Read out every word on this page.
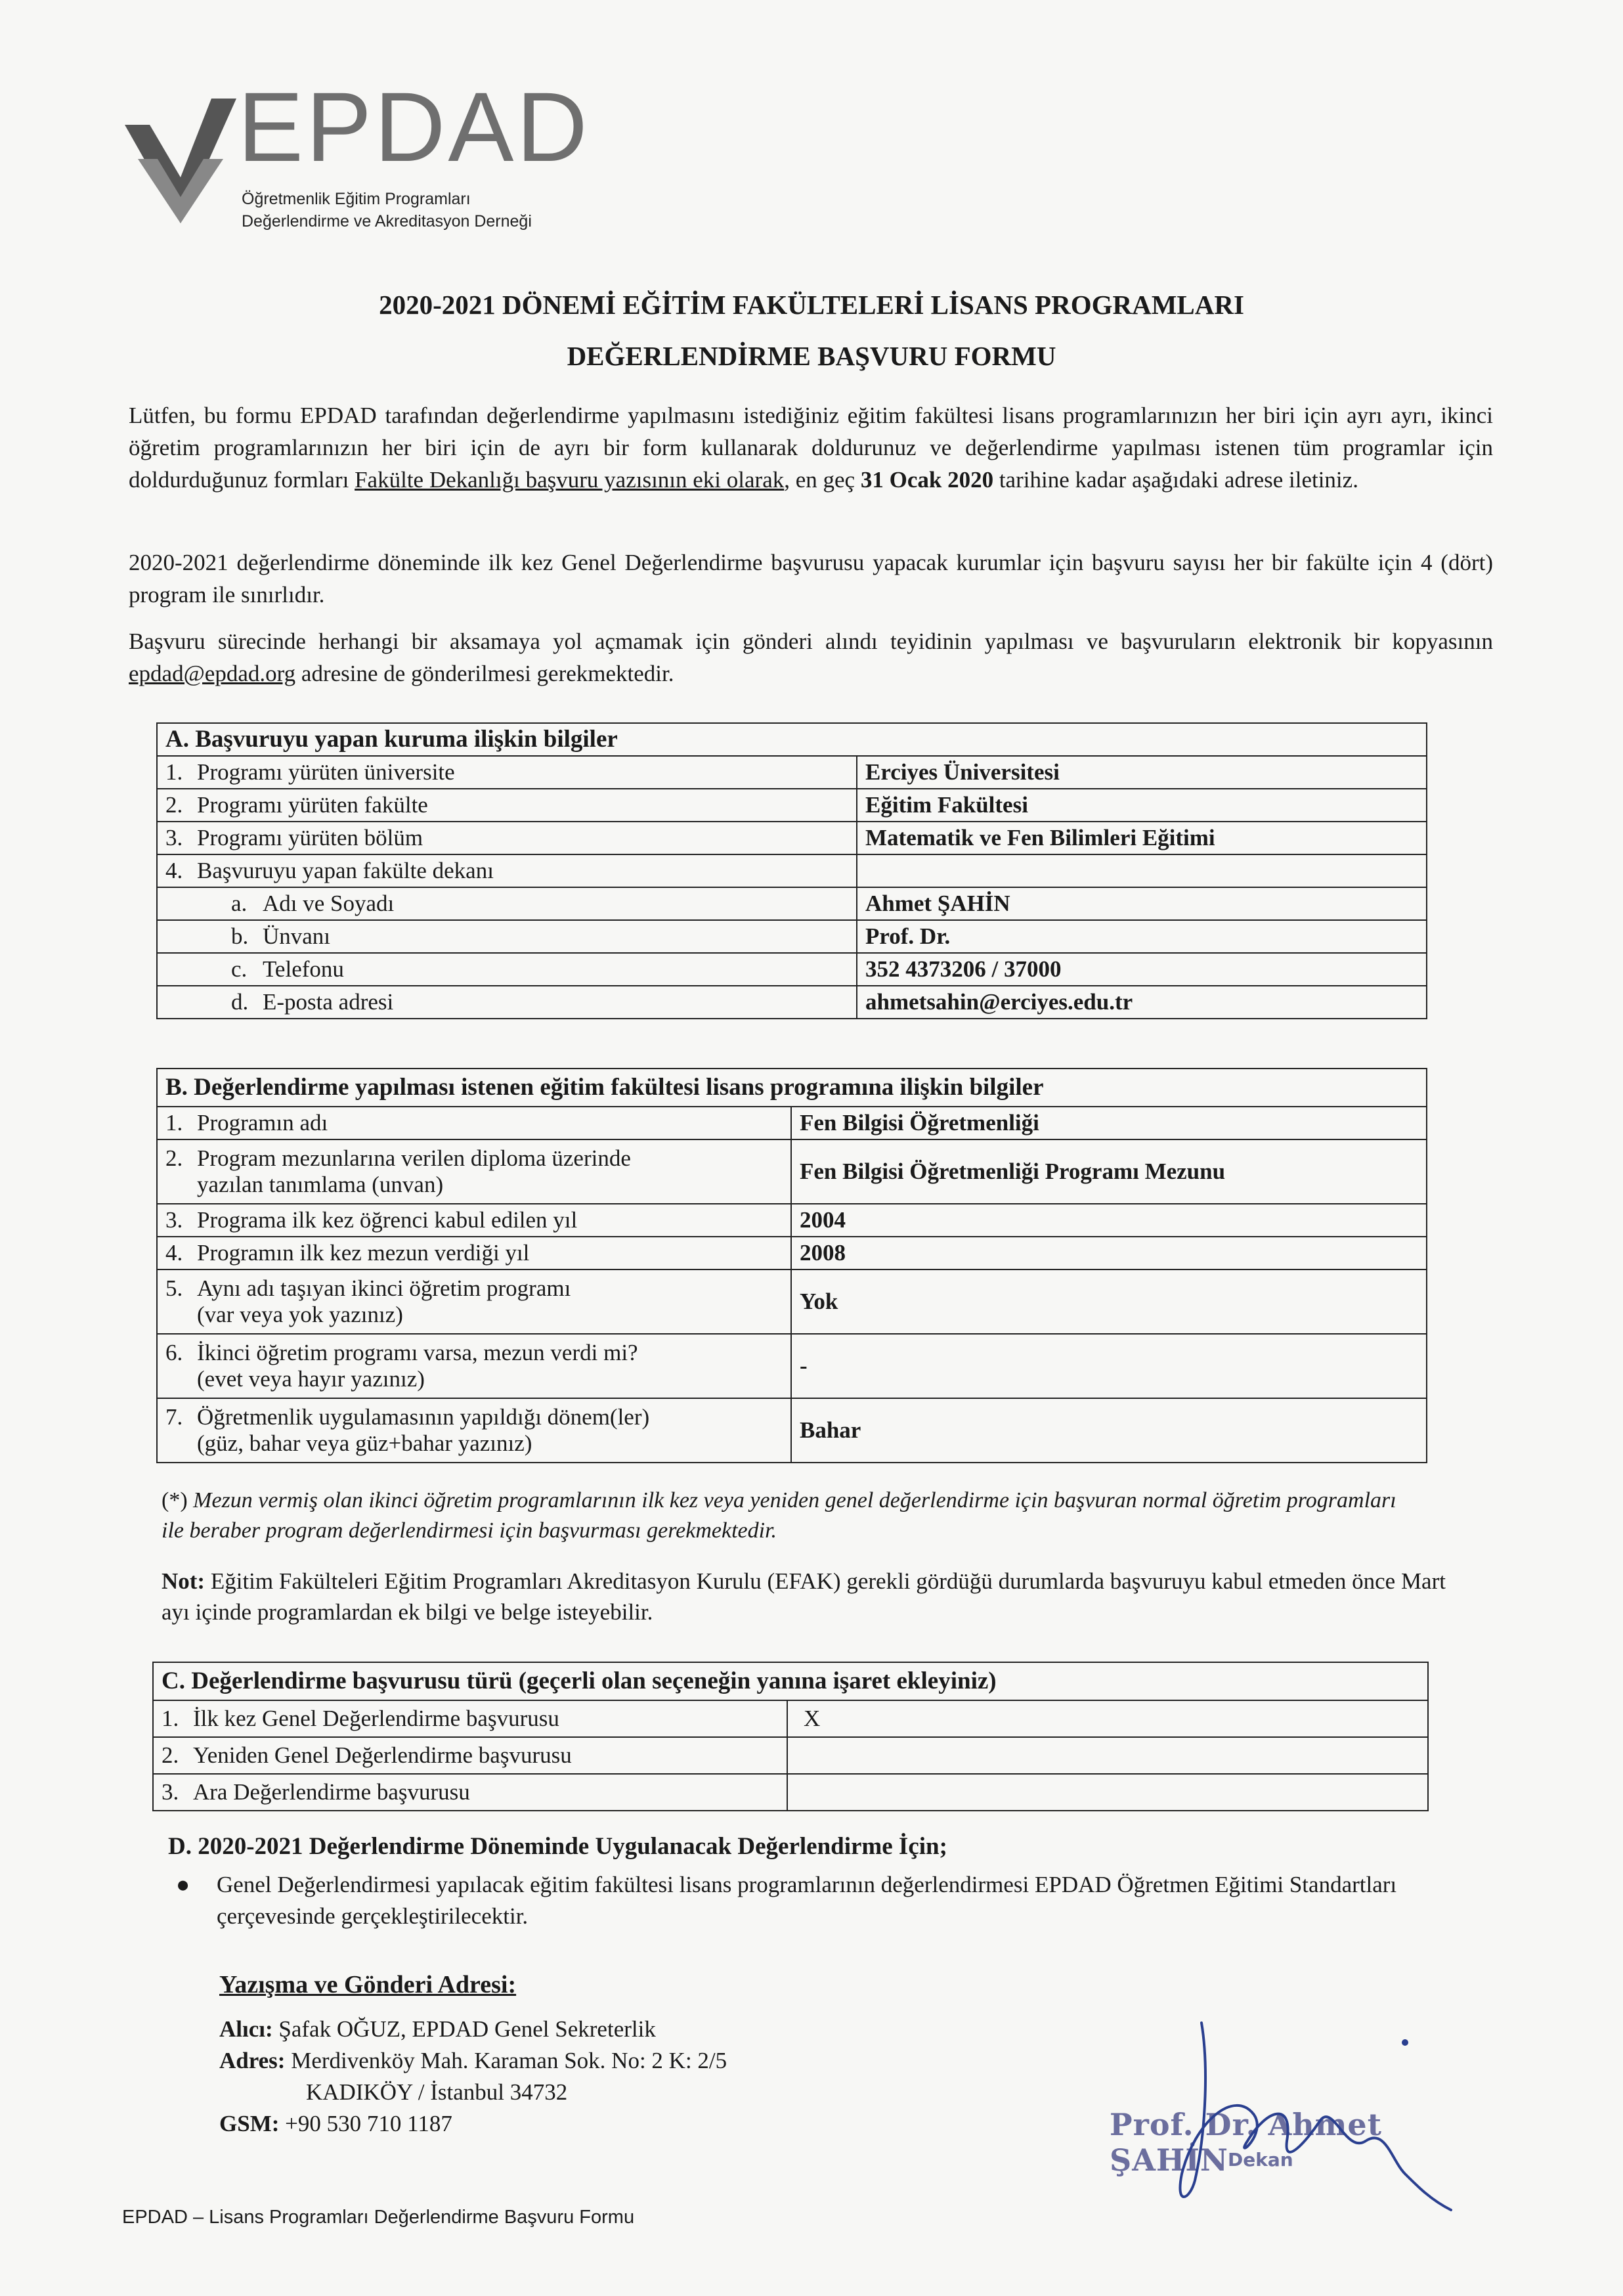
EPDAD
Öğretmenlik Eğitim Programları
Değerlendirme ve Akreditasyon Derneği
2020-2021 DÖNEMİ EĞİTİM FAKÜLTELERİ LİSANS PROGRAMLARI
DEĞERLENDİRME BAŞVURU FORMU
Lütfen, bu formu EPDAD tarafından değerlendirme yapılmasını istediğiniz eğitim fakültesi lisans programlarınızın her biri için ayrı ayrı, ikinci öğretim programlarınızın her biri için de ayrı bir form kullanarak doldurunuz ve değerlendirme yapılması istenen tüm programlar için doldurduğunuz formları Fakülte Dekanlığı başvuru yazısının eki olarak, en geç 31 Ocak 2020 tarihine kadar aşağıdaki adrese iletiniz.
2020-2021 değerlendirme döneminde ilk kez Genel Değerlendirme başvurusu yapacak kurumlar için başvuru sayısı her bir fakülte için 4 (dört) program ile sınırlıdır.
Başvuru sürecinde herhangi bir aksamaya yol açmamak için gönderi alındı teyidinin yapılması ve başvuruların elektronik bir kopyasının epdad@epdad.org adresine de gönderilmesi gerekmektedir.
A. Başvuruyu yapan kuruma ilişkin bilgiler	
1. Programı yürüten üniversite	Erciyes Üniversitesi
2. Programı yürüten fakülte	Eğitim Fakültesi
3. Programı yürüten bölüm	Matematik ve Fen Bilimleri Eğitimi
4. Başvuruyu yapan fakülte dekanı	
a. Adı ve Soyadı	Ahmet ŞAHİN
b. Ünvanı	Prof. Dr.
c. Telefonu	352 4373206 / 37000
d. E-posta adresi	ahmetsahin@erciyes.edu.tr
B. Değerlendirme yapılması istenen eğitim fakültesi lisans programına ilişkin bilgiler	

1. Programın adı	Fen Bilgisi Öğretmenliği

2. Program mezunlarına verilen diploma üzerinde
yazılan tanımlama (unvan)	Fen Bilgisi Öğretmenliği Programı Mezunu

3. Programa ilk kez öğrenci kabul edilen yıl	2004

4. Programın ilk kez mezun verdiği yıl	2008

5. Aynı adı taşıyan ikinci öğretim programı
(var veya yok yazınız)	Yok

6. İkinci öğretim programı varsa, mezun verdi mi?
(evet veya hayır yazınız)	-

7. Öğretmenlik uygulamasının yapıldığı dönem(ler)
(güz, bahar veya güz+bahar yazınız)	Bahar
(*) Mezun vermiş olan ikinci öğretim programlarının ilk kez veya yeniden genel değerlendirme için başvuran normal öğretim programları ile beraber program değerlendirmesi için başvurması gerekmektedir.
Not: Eğitim Fakülteleri Eğitim Programları Akreditasyon Kurulu (EFAK) gerekli gördüğü durumlarda başvuruyu kabul etmeden önce Mart ayı içinde programlardan ek bilgi ve belge isteyebilir.
C. Değerlendirme başvurusu türü (geçerli olan seçeneğin yanına işaret ekleyiniz)	
1. İlk kez Genel Değerlendirme başvurusu	X
2. Yeniden Genel Değerlendirme başvurusu	
3. Ara Değerlendirme başvurusu	
D. 2020-2021 Değerlendirme Döneminde Uygulanacak Değerlendirme İçin;
●	Genel Değerlendirmesi yapılacak eğitim fakültesi lisans programlarının değerlendirmesi EPDAD Öğretmen Eğitimi Standartları çerçevesinde gerçekleştirilecektir.
Yazışma ve Gönderi Adresi:
Alıcı: Şafak OĞUZ, EPDAD Genel Sekreterlik
Adres: Merdivenköy Mah. Karaman Sok. No: 2 K: 2/5
KADIKÖY / İstanbul 34732
GSM: +90 530 710 1187	Prof. Dr. Ahmet ŞAHİN Dekan
EPDAD – Lisans Programları Değerlendirme Başvuru Formu
